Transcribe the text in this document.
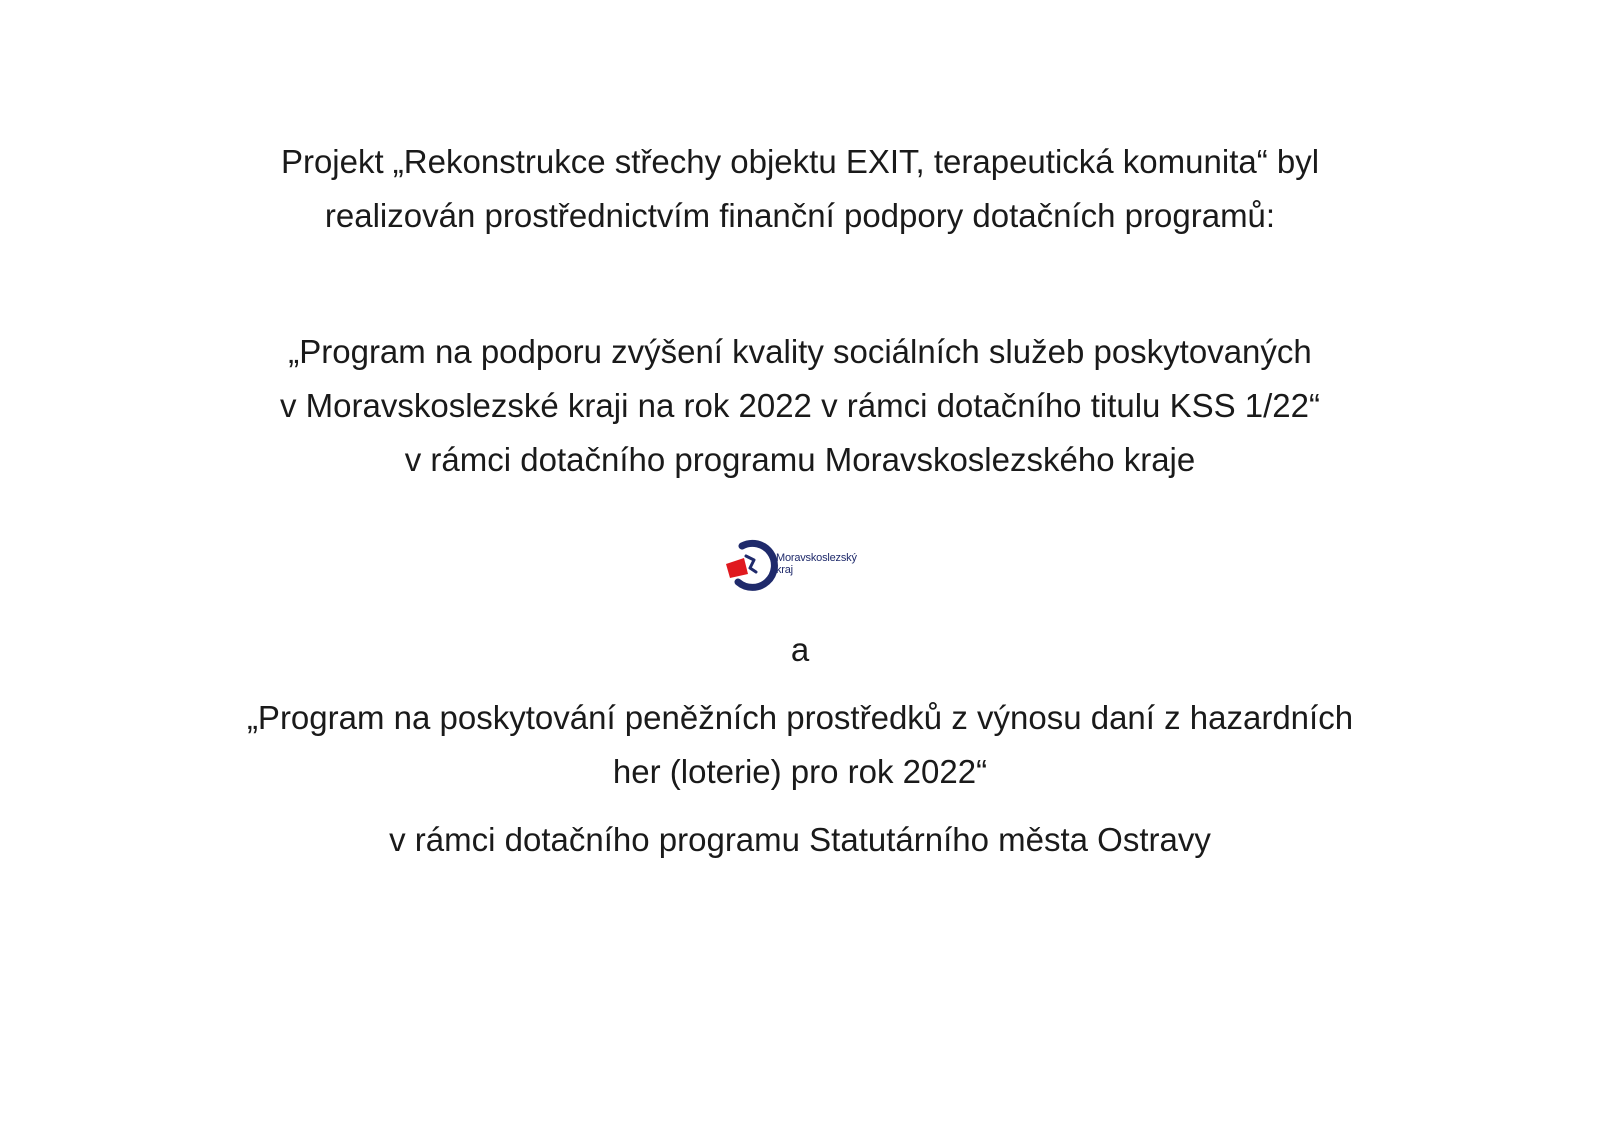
Projekt „Rekonstrukce střechy objektu EXIT, terapeutická komunita“ byl
realizován prostřednictvím finanční podpory dotačních programů:
„Program na podporu zvýšení kvality sociálních služeb poskytovaných
v Moravskoslezské kraji na rok 2022 v rámci dotačního titulu KSS 1/22“
v rámci dotačního programu Moravskoslezského kraje
Moravskoslezský
kraj
a
„Program na poskytování peněžních prostředků z výnosu daní z hazardních
her (loterie) pro rok 2022“
v rámci dotačního programu Statutárního města Ostravy
